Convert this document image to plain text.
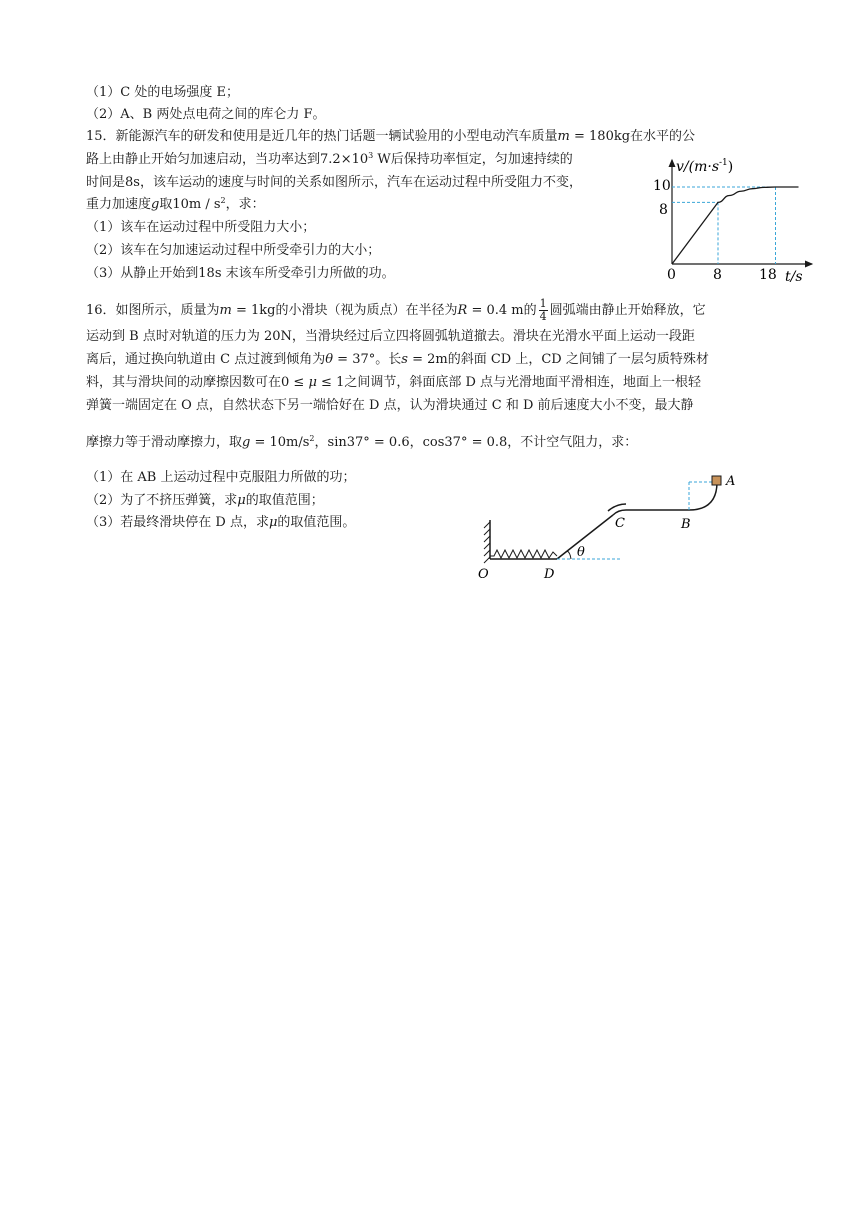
（1）C 处的电场强度 E；
（2）A、B 两处点电荷之间的库仑力 F。
15．新能源汽车的研发和使用是近几年的热门话题一辆试验用的小型电动汽车质量m = 180kg在水平的公
路上由静止开始匀加速启动，当功率达到$7.2\times 10^3$ W后保持功率恒定，匀加速持续的
时间是8s，该车运动的速度与时间的关系如图所示，汽车在运动过程中所受阻力不变，
重力加速度g取$10m / s^2$，求：
（1）该车在运动过程中所受阻力大小；
（2）该车在匀加速运动过程中所受牵引力的大小；
（3）从静止开始到18s 末该车所受牵引力所做的功。
$v/(m\cdot s^{-1})$
t/s
10
8
0	8	18
16．如图所示，质量为m = 1kg的小滑块（视为质点）在半径为R = 0.4 m的 $\frac{1}{4}$ 圆弧端由静止开始释放，它
运动到 B 点时对轨道的压力为 20N，当滑块经过后立四将圆弧轨道撤去。滑块在光滑水平面上运动一段距
离后，通过换向轨道由 C 点过渡到倾角为θ = 37°。长s = 2m的斜面 CD 上，CD 之间铺了一层匀质特殊材
料，其与滑块间的动摩擦因数可在0 ≤ μ ≤ 1之间调节，斜面底部 D 点与光滑地面平滑相连，地面上一根轻
弹簧一端固定在 O 点，自然状态下另一端恰好在 D 点，认为滑块通过 C 和 D 前后速度大小不变，最大静
摩擦力等于滑动摩擦力，取$g = 10m/s^2$，sin37° = 0.6，cos37° = 0.8，不计空气阻力，求：
（1）在 AB 上运动过程中克服阻力所做的功；
（2）为了不挤压弹簧，求μ的取值范围；
（3）若最终滑块停在 D 点，求μ的取值范围。
θ
A
B
C
D
O
